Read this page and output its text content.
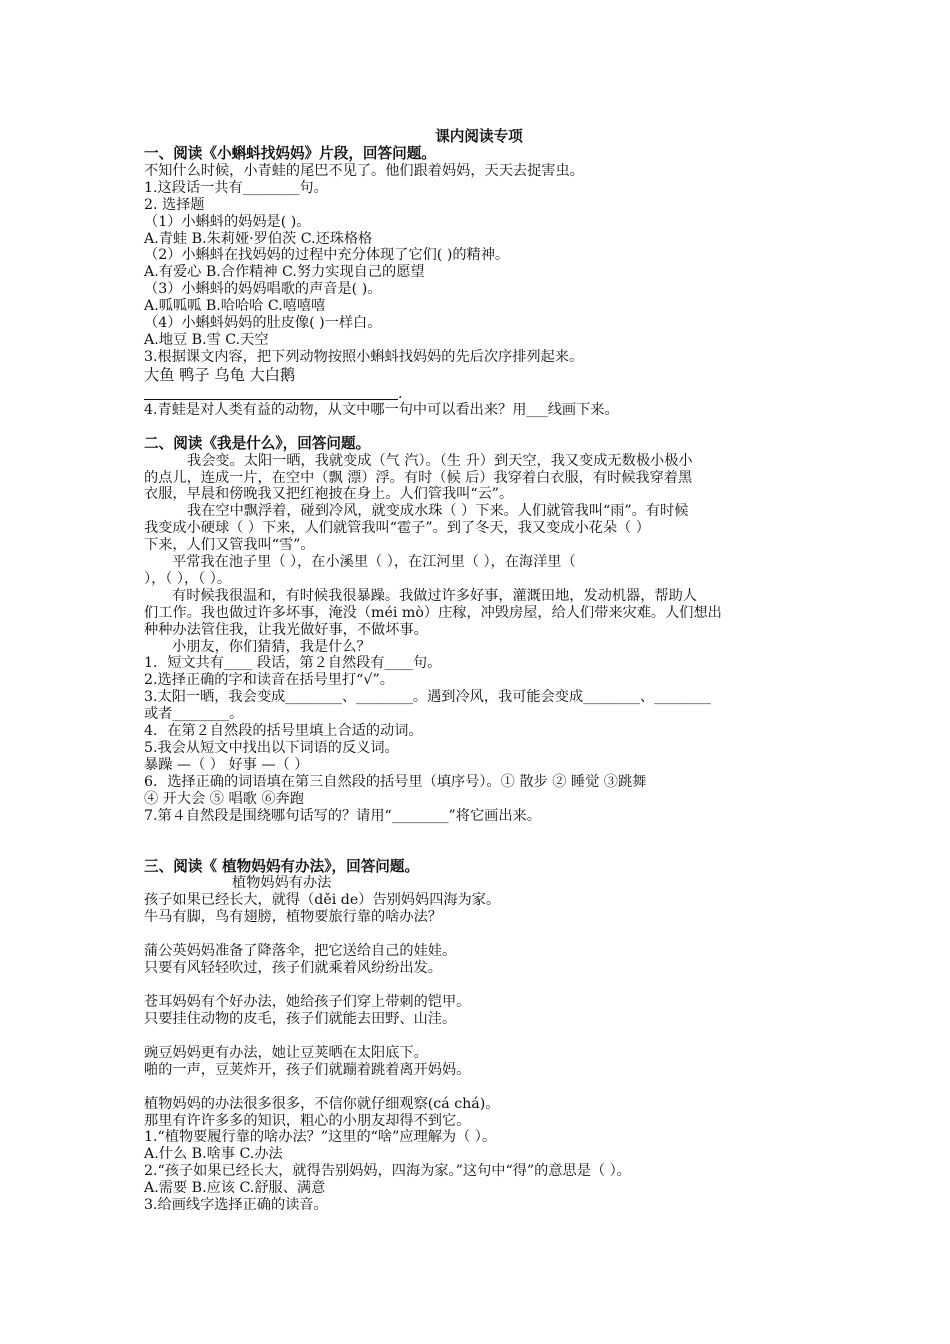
课内阅读专项
一、阅读《小蝌蚪找妈妈》片段，回答问题。
不知什么时候，小青蛙的尾巴不见了。他们跟着妈妈，天天去捉害虫。
1.这段话一共有________句。
2. 选择题
（1）小蝌蚪的妈妈是( )。
A.青蛙 B.朱莉娅·罗伯茨 C.还珠格格
（2）小蝌蚪在找妈妈的过程中充分体现了它们( )的精神。
A.有爱心 B.合作精神 C.努力实现自己的愿望
（3）小蝌蚪的妈妈唱歌的声音是( )。
A.呱呱呱 B.哈哈哈 C.嘻嘻嘻
（4）小蝌蚪妈妈的肚皮像( )一样白。
A.地豆 B.雪 C.天空
3.根据课文内容，把下列动物按照小蝌蚪找妈妈的先后次序排列起来。
大鱼 鸭子 乌龟 大白鹅
.
4.青蛙是对人类有益的动物，从文中哪一句中可以看出来？用___线画下来。
二、阅读《我是什么》，回答问题。
我会变。太阳一晒，我就变成（气 汽）。（生 升）到天空，我又变成无数极小极小
的点儿，连成一片，在空中（飘 漂）浮。有时（候 后）我穿着白衣服，有时候我穿着黑
衣服，早晨和傍晚我又把红袍披在身上。人们管我叫“云”。
我在空中飘浮着，碰到冷风，就变成水珠（ ）下来。人们就管我叫“雨”。有时候
我变成小硬球（ ）下来，人们就管我叫“雹子”。到了冬天，我又变成小花朵（ ）
下来，人们又管我叫“雪”。
平常我在池子里（ ），在小溪里（ ），在江河里（ ），在海洋里（
），（ ），（ ）。
有时候我很温和，有时候我很暴躁。我做过许多好事，灌溉田地，发动机器，帮助人
们工作。我也做过许多坏事，淹没（méi mò）庄稼，冲毁房屋，给人们带来灾难。人们想出
种种办法管住我，让我光做好事，不做坏事。
小朋友，你们猜猜，我是什么？
1．短文共有____ 段话，第２自然段有____句。
2.选择正确的字和读音在括号里打“√”。
3.太阳一晒，我会变成________、________。遇到冷风，我可能会变成________、________
或者________。
4．在第２自然段的括号里填上合适的动词。
5.我会从短文中找出以下词语的反义词。
暴躁 —（ ） 好事 —（ ）
6．选择正确的词语填在第三自然段的括号里（填序号）。① 散步 ② 睡觉 ③跳舞
④ 开大会 ⑤ 唱歌 ⑥奔跑
7.第４自然段是围绕哪句话写的？请用“________”将它画出来。
三、阅读《 植物妈妈有办法》，回答问题。
植物妈妈有办法
孩子如果已经长大，就得（děi de）告别妈妈四海为家。
牛马有脚，鸟有翅膀，植物要旅行靠的啥办法？
蒲公英妈妈准备了降落伞，把它送给自己的娃娃。
只要有风轻轻吹过，孩子们就乘着风纷纷出发。
苍耳妈妈有个好办法，她给孩子们穿上带刺的铠甲。
只要挂住动物的皮毛，孩子们就能去田野、山洼。
豌豆妈妈更有办法，她让豆荚晒在太阳底下。
啪的一声，豆荚炸开，孩子们就蹦着跳着离开妈妈。
植物妈妈的办法很多很多，不信你就仔细观察(cá chá)。
那里有许许多多的知识，粗心的小朋友却得不到它。
1.“植物要履行靠的啥办法？”这里的“啥”应理解为（ ）。
A.什么 B.啥事 C.办法
2.“孩子如果已经长大，就得告别妈妈，四海为家。”这句中“得”的意思是（ ）。
A.需要 B.应该 C.舒服、满意
3.给画线字选择正确的读音。
